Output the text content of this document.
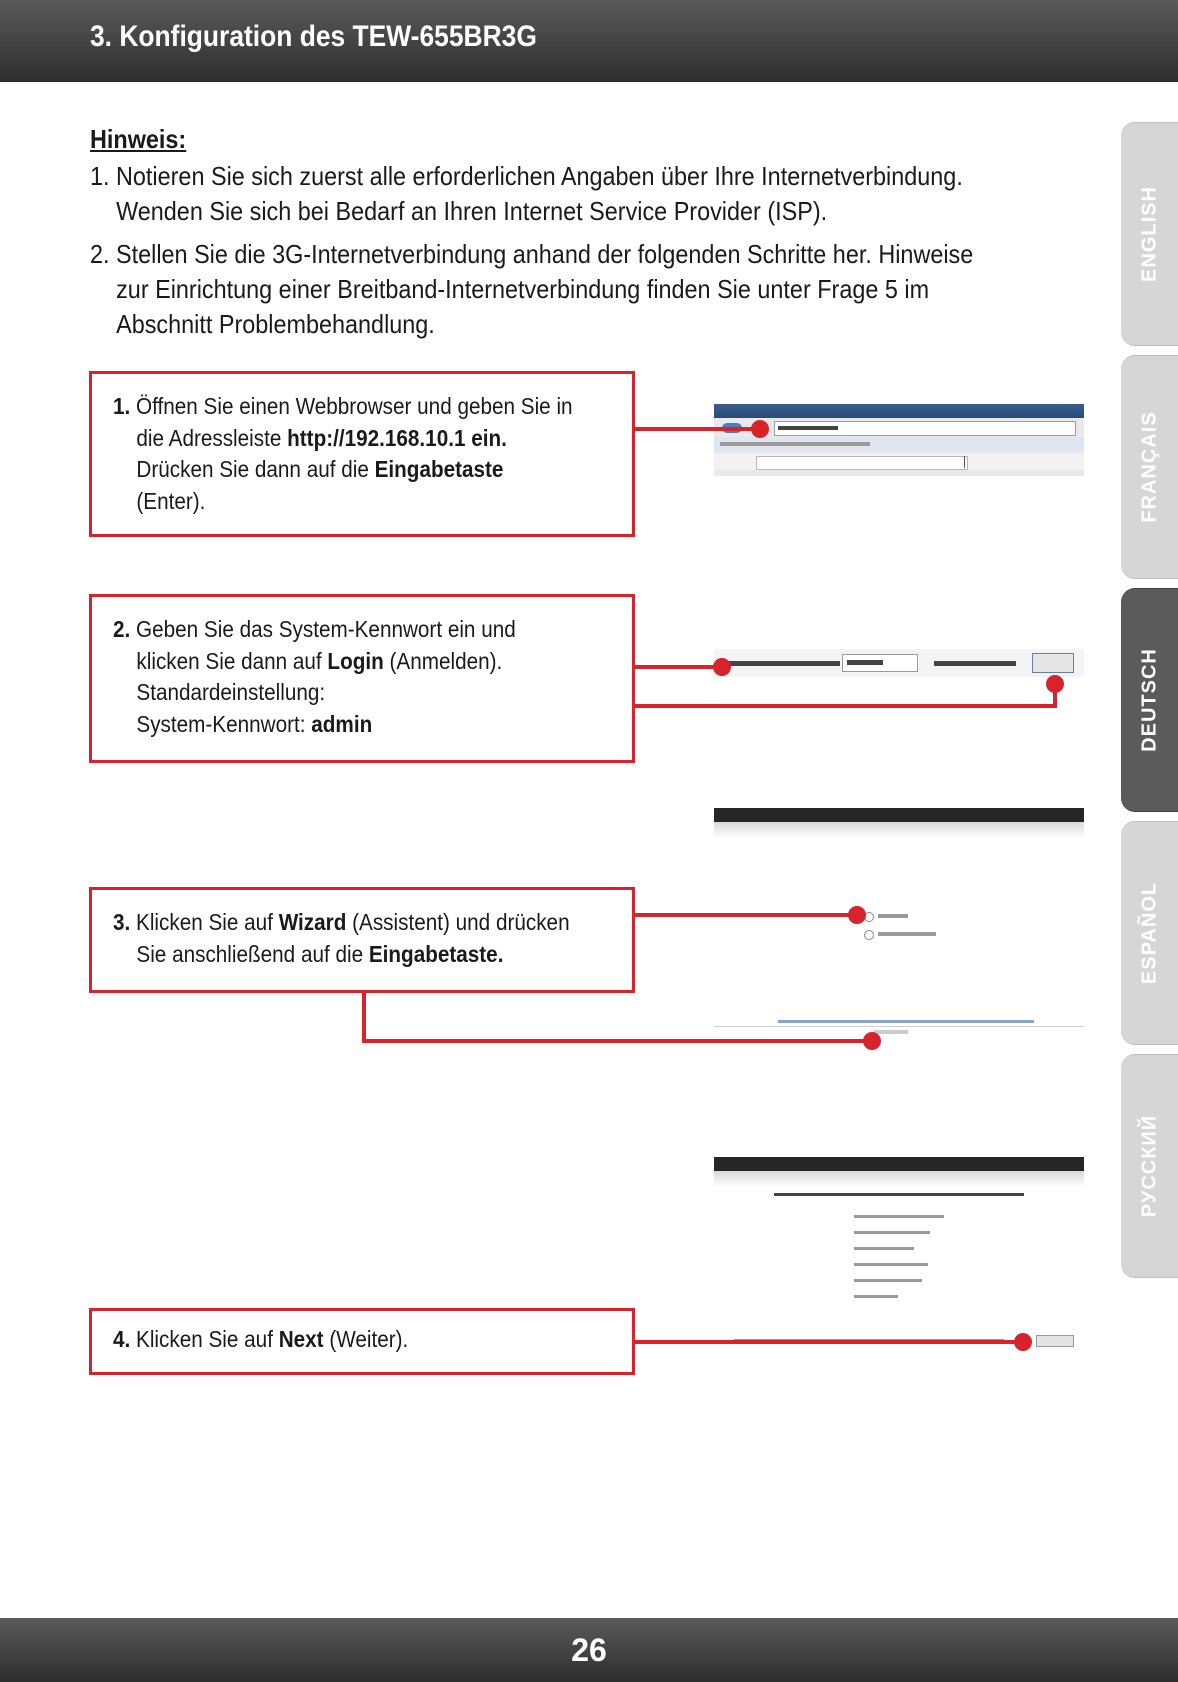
3. Konfiguration des TEW-655BR3G
ENGLISH
FRANÇAIS
DEUTSCH
ESPAÑOL
РУССКИЙ
Hinweis:
1. Notieren Sie sich zuerst alle erforderlichen Angaben über Ihre Internetverbindung.
Wenden Sie sich bei Bedarf an Ihren Internet Service Provider (ISP).
2. Stellen Sie die 3G-Internetverbindung anhand der folgenden Schritte her. Hinweise
zur Einrichtung einer Breitband-Internetverbindung finden Sie unter Frage 5 im
Abschnitt Problembehandlung.
1. Öffnen Sie einen Webbrowser und geben Sie in
die Adressleiste http://192.168.10.1 ein.
Drücken Sie dann auf die Eingabetaste
(Enter).
2. Geben Sie das System-Kennwort ein und
klicken Sie dann auf Login (Anmelden).
Standardeinstellung:
System-Kennwort: admin
3. Klicken Sie auf Wizard (Assistent) und drücken
Sie anschließend auf die Eingabetaste.
4. Klicken Sie auf Next (Weiter).
26
